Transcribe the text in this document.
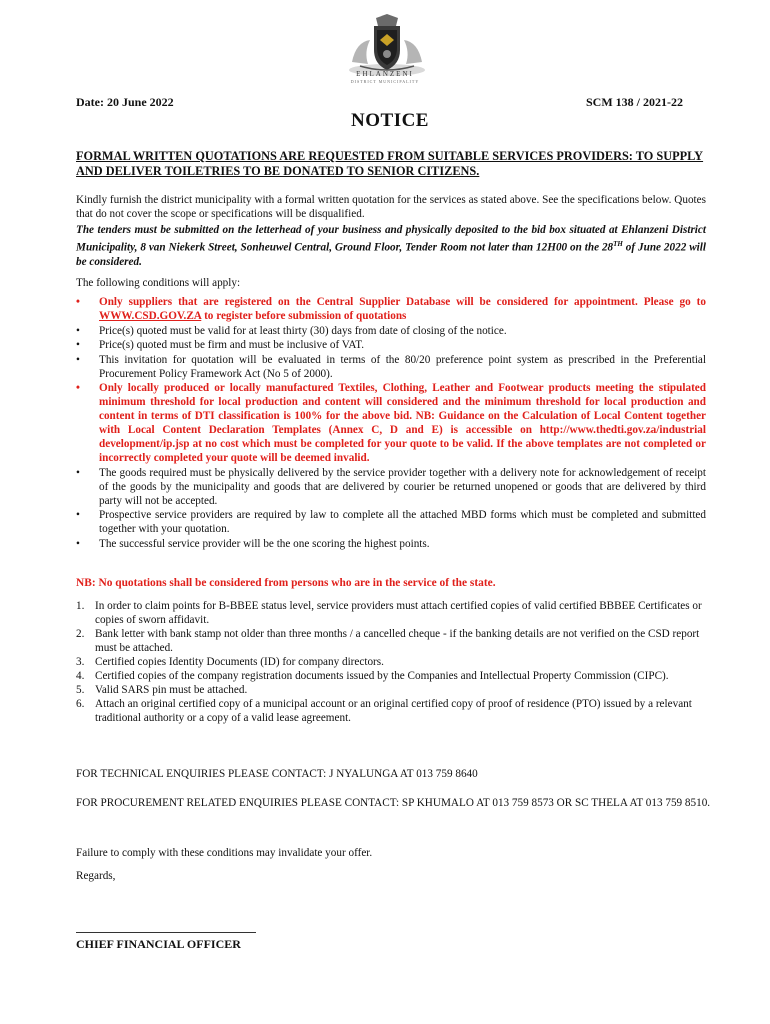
EHLANZENI
DISTRICT MUNICIPALITY
Date: 20 June 2022	SCM 138 / 2021-22
NOTICE
FORMAL WRITTEN QUOTATIONS ARE REQUESTED FROM SUITABLE SERVICES PROVIDERS: TO SUPPLY AND DELIVER TOILETRIES TO BE DONATED TO SENIOR CITIZENS.
Kindly furnish the district municipality with a formal written quotation for the services as stated above. See the specifications below. Quotes that do not cover the scope or specifications will be disqualified.
The tenders must be submitted on the letterhead of your business and physically deposited to the bid box situated at Ehlanzeni District Municipality, 8 van Niekerk Street, Sonheuwel Central, Ground Floor, Tender Room not later than 12H00 on the 28TH of June 2022 will be considered.
The following conditions will apply:
• Only suppliers that are registered on the Central Supplier Database will be considered for appointment. Please go to WWW.CSD.GOV.ZA to register before submission of quotations
• Price(s) quoted must be valid for at least thirty (30) days from date of closing of the notice.
• Price(s) quoted must be firm and must be inclusive of VAT.
• This invitation for quotation will be evaluated in terms of the 80/20 preference point system as prescribed in the Preferential Procurement Policy Framework Act (No 5 of 2000).
• Only locally produced or locally manufactured Textiles, Clothing, Leather and Footwear products meeting the stipulated minimum threshold for local production and content will considered and the minimum threshold for local production and content in terms of DTI classification is 100% for the above bid. NB: Guidance on the Calculation of Local Content together with Local Content Declaration Templates (Annex C, D and E) is accessible on http://www.thedti.gov.za/industrial development/ip.jsp at no cost which must be completed for your quote to be valid. If the above templates are not completed or incorrectly completed your quote will be deemed invalid.
• The goods required must be physically delivered by the service provider together with a delivery note for acknowledgement of receipt of the goods by the municipality and goods that are delivered by courier be returned unopened or goods that are delivered by third party will not be accepted.
• Prospective service providers are required by law to complete all the attached MBD forms which must be completed and submitted together with your quotation.
• The successful service provider will be the one scoring the highest points.
NB: No quotations shall be considered from persons who are in the service of the state.
1. In order to claim points for B-BBEE status level, service providers must attach certified copies of valid certified BBBEE Certificates or copies of sworn affidavit.
2. Bank letter with bank stamp not older than three months / a cancelled cheque - if the banking details are not verified on the CSD report must be attached.
3. Certified copies Identity Documents (ID) for company directors.
4. Certified copies of the company registration documents issued by the Companies and Intellectual Property Commission (CIPC).
5. Valid SARS pin must be attached.
6. Attach an original certified copy of a municipal account or an original certified copy of proof of residence (PTO) issued by a relevant traditional authority or a copy of a valid lease agreement.
FOR TECHNICAL ENQUIRIES PLEASE CONTACT: J NYALUNGA AT 013 759 8640
FOR PROCUREMENT RELATED ENQUIRIES PLEASE CONTACT: SP KHUMALO AT 013 759 8573 OR SC THELA AT 013 759 8510.
Failure to comply with these conditions may invalidate your offer.
Regards,
CHIEF FINANCIAL OFFICER
